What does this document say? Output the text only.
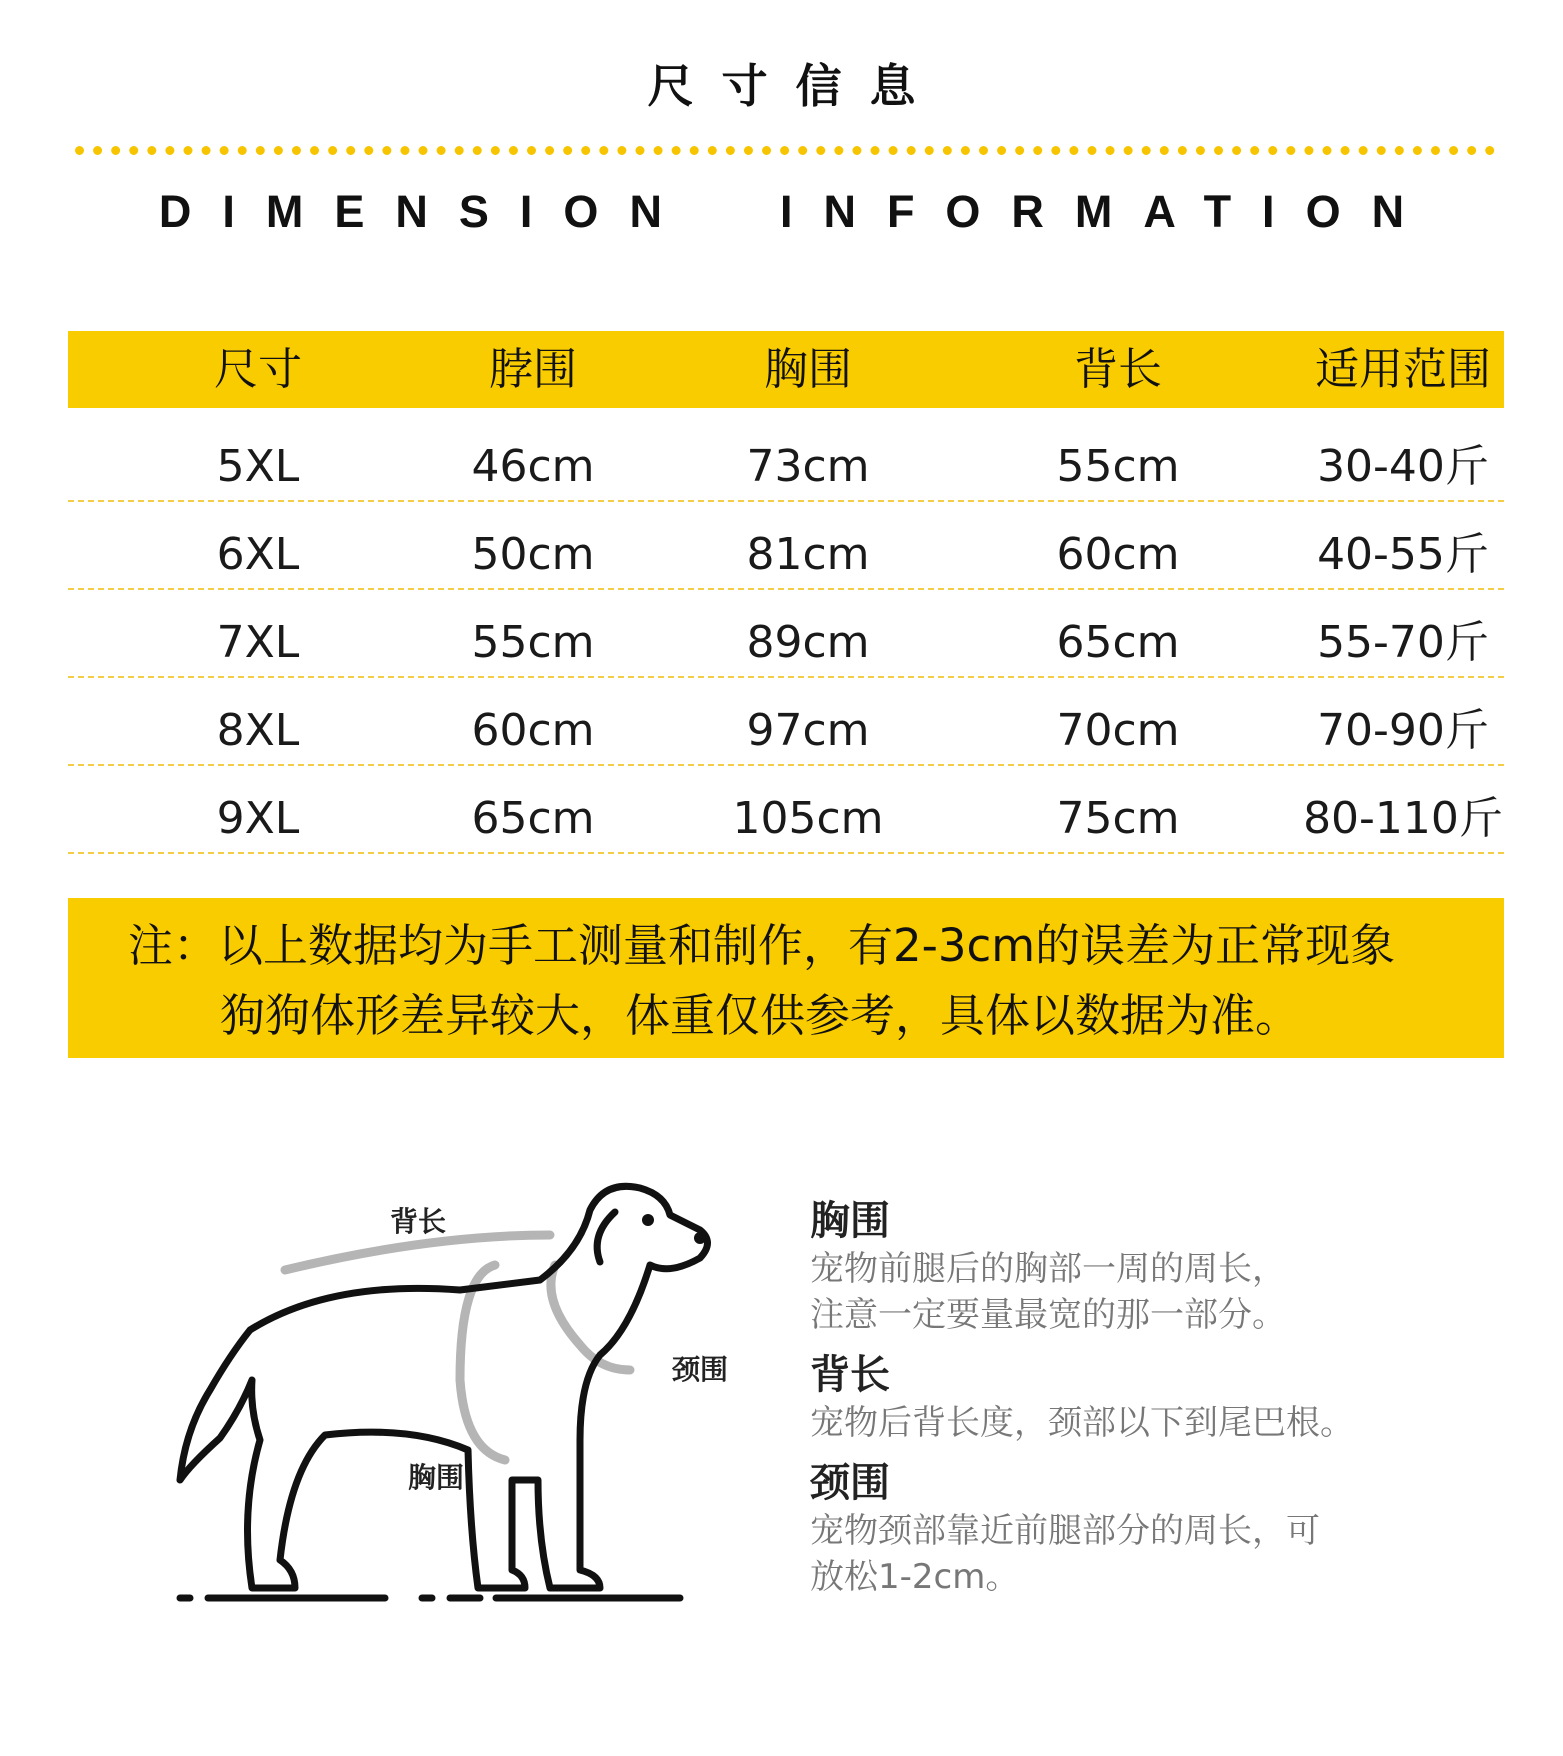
尺寸信息
DIMENSION  INFORMATION
尺寸	脖围	胸围	背长	适用范围
5XL	46cm	73cm	55cm	30-40斤
6XL	50cm	81cm	60cm	40-55斤
7XL	55cm	89cm	65cm	55-70斤
8XL	60cm	97cm	70cm	70-90斤
9XL	65cm	105cm	75cm	80-110斤
注：以上数据均为手工测量和制作，有2-3cm的误差为正常现象
狗狗体形差异较大，体重仅供参考，具体以数据为准。
背长
颈围
胸围
胸围
宠物前腿后的胸部一周的周长，
注意一定要量最宽的那一部分。
背长
宠物后背长度，颈部以下到尾巴根。
颈围
宠物颈部靠近前腿部分的周长，可
放松1-2cm。
